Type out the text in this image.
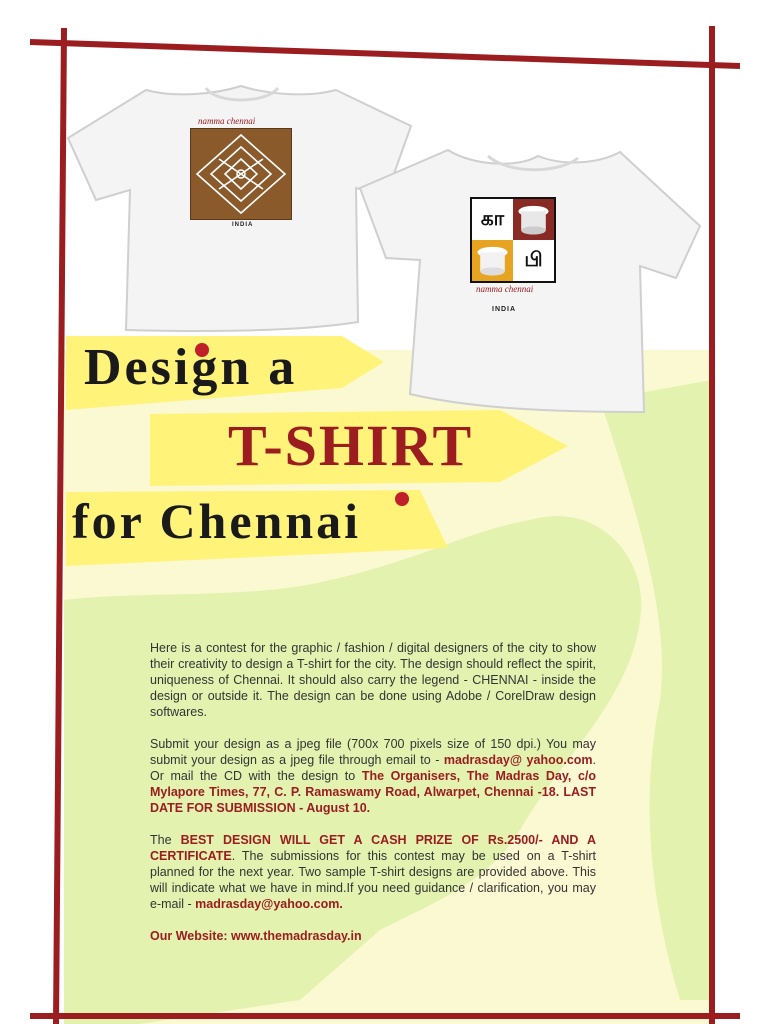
namma chennai
INDIA	கா
பி
namma chennai
INDIA
Design a
T-SHIRT
for Chennai

Here is a contest for the graphic / fashion / digital designers of the city to show their creativity to design a T-shirt for the city. The design should reflect the spirit, uniqueness of Chennai. It should also carry the legend - CHENNAI - inside the design or outside it. The design can be done using Adobe / CorelDraw design softwares.

Submit your design as a jpeg file (700x 700 pixels size of 150 dpi.) You may submit your design as a jpeg file through email to - madrasday@ yahoo.com. Or mail the CD with the design to The Organisers, The Madras Day, c/o Mylapore Times, 77, C. P. Ramaswamy Road, Alwarpet, Chennai -18. LAST DATE FOR SUBMISSION - August 10.

The BEST DESIGN WILL GET A CASH PRIZE OF Rs.2500/- AND A CERTIFICATE. The submissions for this contest may be used on a T-shirt planned for the next year. Two sample T-shirt designs are provided above. This will indicate what we have in mind.If you need guidance / clarification, you may e-mail - madrasday@yahoo.com.

Our Website: www.themadrasday.in
